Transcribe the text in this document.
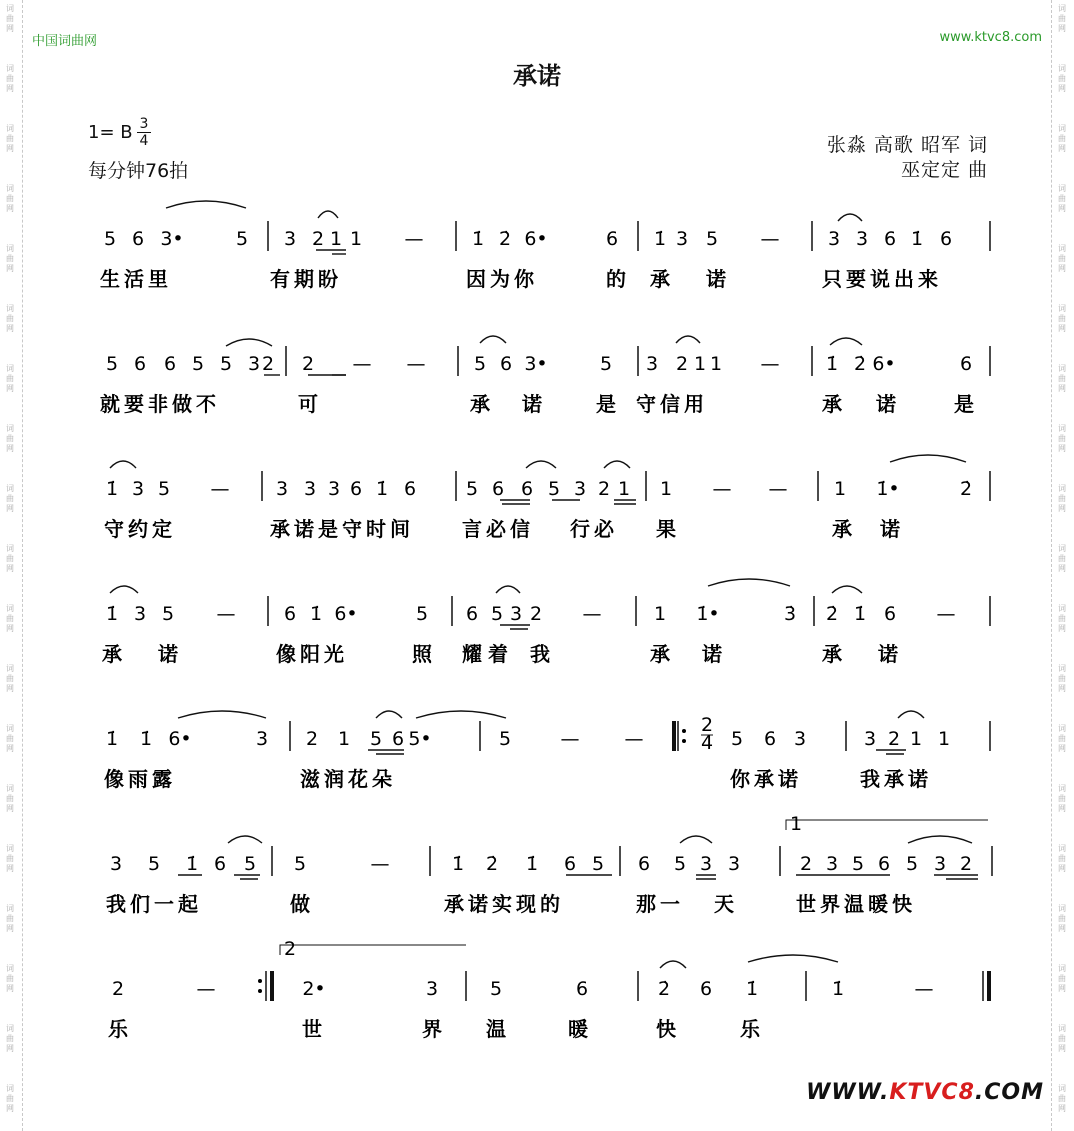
词
曲
网
词
曲
网
词
曲
网
词
曲
网
词
曲
网
词
曲
网
词
曲
网
词
曲
网
词
曲
网
词
曲
网
词
曲
网
词
曲
网
词
曲
网
词
曲
网
词
曲
网
词
曲
网
词
曲
网
词
曲
网
词
曲
网
词
曲
网
词
曲
网
词
曲
网
词
曲
网
词
曲
网
词
曲
网
词
曲
网
词
曲
网
词
曲
网
词
曲
网
词
曲
网
词
曲
网
词
曲
网
词
曲
网
词
曲
网
词
曲
网
词
曲
网
词
曲
网
词
曲
网
中国词曲网	www.ktvc8.com
承诺
1= B 3
4
每分钟76拍
张淼 高歌 昭军 词
巫定定 曲
5 6 3•	5 3 2 1 1 —	1̇ 2̇ 6•	6 1̇ 3 5 —	3 3 6 1̇ 6
5 6 6 5 5 3 2 2 — —	5 6 3•	5 3 2 1 1 — 1̇ 2̇ 6•	6
1̇ 3 5 — 3 3 3 6 1̇ 6	5 6 6 5 3 2 1 1 — — 1 1̇•	2̇
1̇ 3 5 —	6 1̇ 6•	5 6 5 3 2 —	1 1̇•	3̇ 2̇ 1̇ 6 —
1̇ 1̇ 6•	3 2 1 5 6 5•	5	— —
2
4 5 6 3	3 2 1 1
3 5 1̇ 6 5 5	—	1̇ 2̇ 1̇ 6 5 6 5 3 3	2 3 5 6 5 3 2
1
2	—	2•	3	5	6	2̇ 6 1̇	1̇	—
2
生活里	有期盼	因为你	的 承 诺	只要说出来
就要非做不	可	承 诺	是 守信用	承 诺	是
守约定	承诺是守时间 言必信 行必 果	承 诺
承 诺	像阳光	照 耀 着 我	承 诺	承 诺
像雨露	滋润花朵	你承诺	我承诺
我们一起	做	承诺实现的	那一 天	世界温暖快
乐	世	界 温	暖	快	乐
WWW.KTVC8.COM
